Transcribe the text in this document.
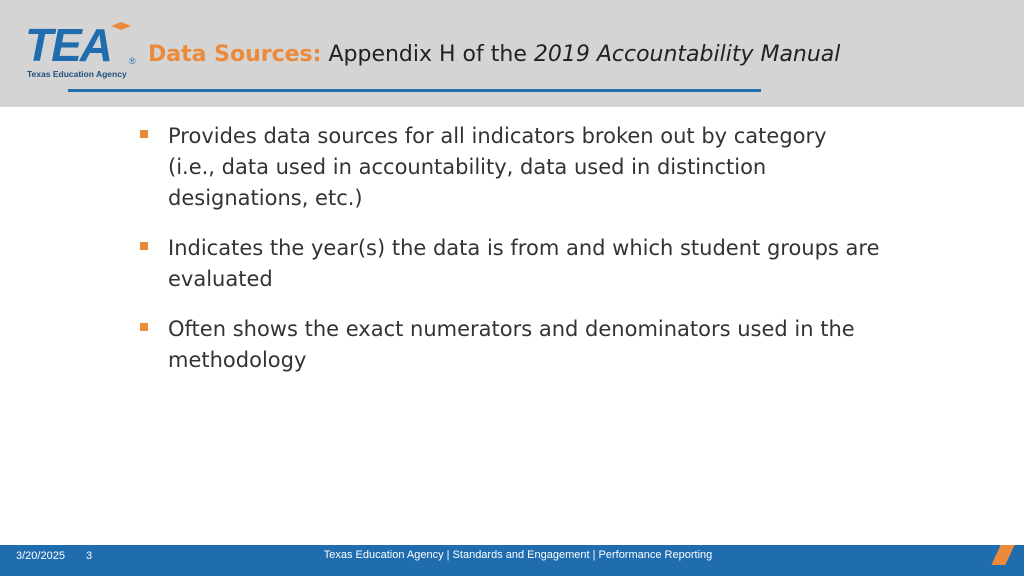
TEA ®
Texas Education Agency
Data Sources: Appendix H of the 2019 Accountability Manual
Provides data sources for all indicators broken out by category
(i.e., data used in accountability, data used in distinction
designations, etc.)
Indicates the year(s) the data is from and which student groups are
evaluated
Often shows the exact numerators and denominators used in the
methodology
3/20/2025 3	Texas Education Agency | Standards and Engagement | Performance Reporting
